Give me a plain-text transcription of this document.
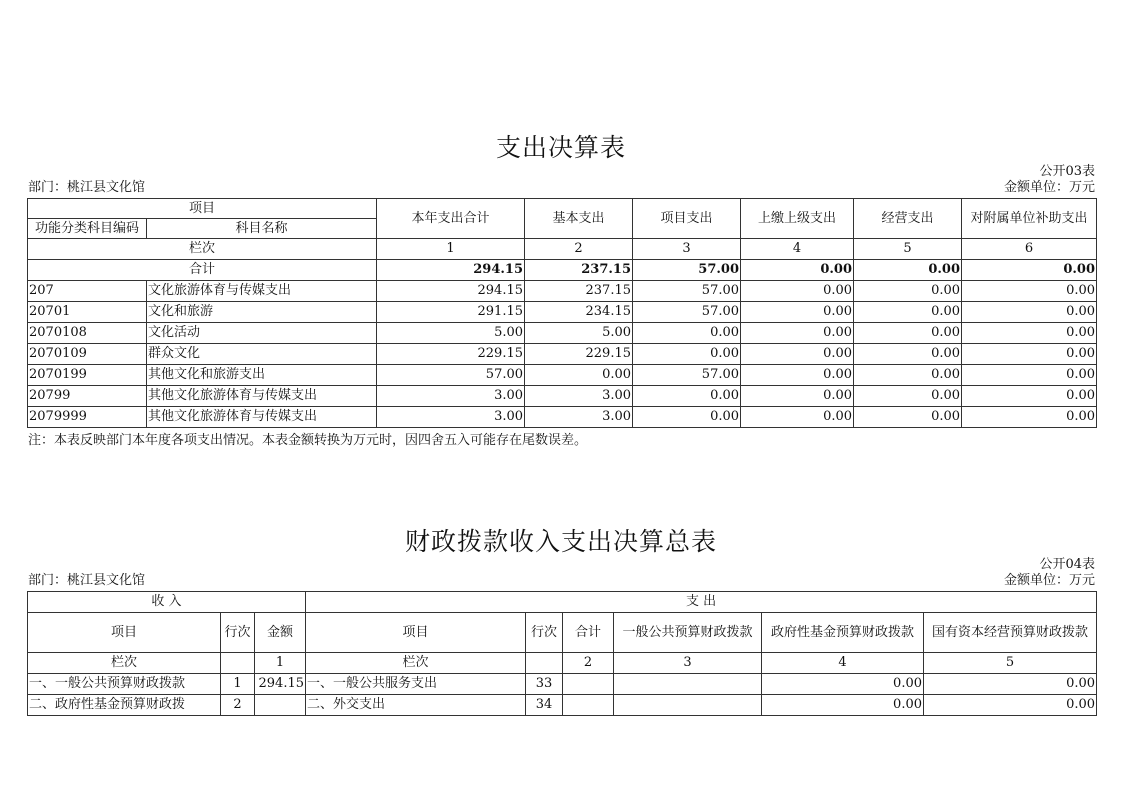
支出决算表
公开03表
部门：桃江县文化馆	金额单位：万元
项目		本年支出合计	基本支出	项目支出	上缴上级支出	经营支出	对附属单位补助支出
功能分类科目编码	科目名称						
栏次		1	2	3	4	5	6
合计		294.15	237.15	57.00	0.00	0.00	0.00
207	文化旅游体育与传媒支出	294.15	237.15	57.00	0.00	0.00	0.00
20701	文化和旅游	291.15	234.15	57.00	0.00	0.00	0.00
2070108	文化活动	5.00	5.00	0.00	0.00	0.00	0.00
2070109	群众文化	229.15	229.15	0.00	0.00	0.00	0.00
2070199	其他文化和旅游支出	57.00	0.00	57.00	0.00	0.00	0.00
20799	其他文化旅游体育与传媒支出	3.00	3.00	0.00	0.00	0.00	0.00
2079999	其他文化旅游体育与传媒支出	3.00	3.00	0.00	0.00	0.00	0.00
注：本表反映部门本年度各项支出情况。本表金额转换为万元时，因四舍五入可能存在尾数误差。
财政拨款收入支出决算总表
公开04表
部门：桃江县文化馆	金额单位：万元
收 入			支 出					
项目	行次	金额	项目	行次	合计	一般公共预算财政拨款	政府性基金预算财政拨款	国有资本经营预算财政拨款
栏次		1	栏次		2	3	4	5
一、一般公共预算财政拨款	1	294.15	一、一般公共服务支出	33			0.00	0.00
二、政府性基金预算财政拨	2		二、外交支出	34			0.00	0.00
